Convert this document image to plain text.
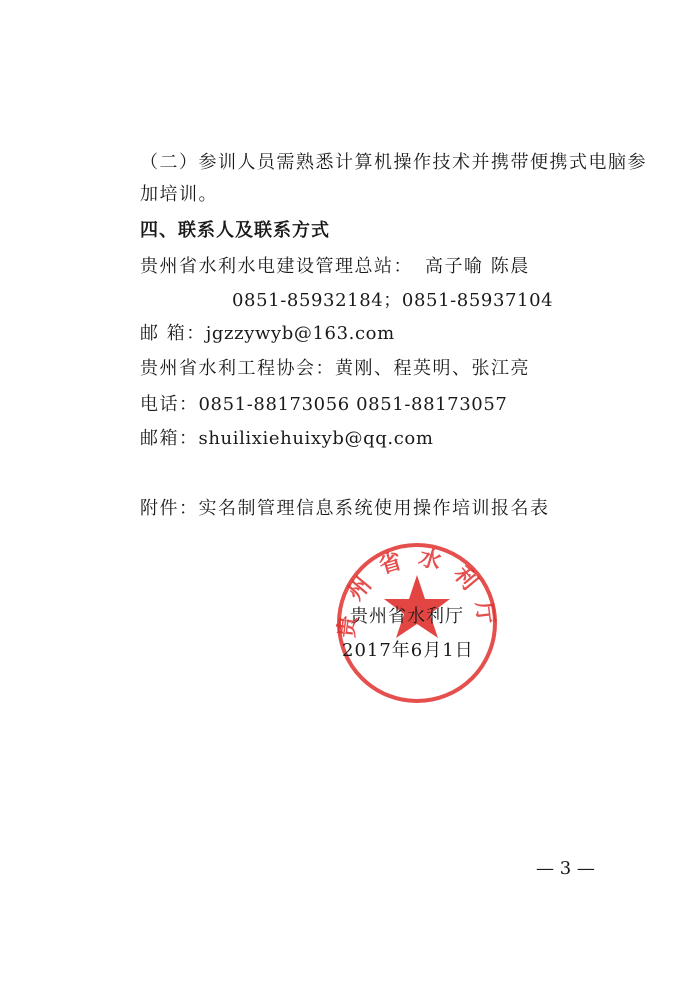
（二）参训人员需熟悉计算机操作技术并携带便携式电脑参
加培训。
四、联系人及联系方式
贵州省水利水电建设管理总站： 高子喻 陈晨
0851-85932184；0851-85937104
邮 箱：jgzzywyb@163.com
贵州省水利工程协会：黄刚、程英明、张江亮
电话：0851-88173056 0851-88173057
邮箱：shuilixiehuixyb@qq.com
附件：实名制管理信息系统使用操作培训报名表
贵州省水利厅
贵州省水利厅
2017年6月1日
— 3 —
